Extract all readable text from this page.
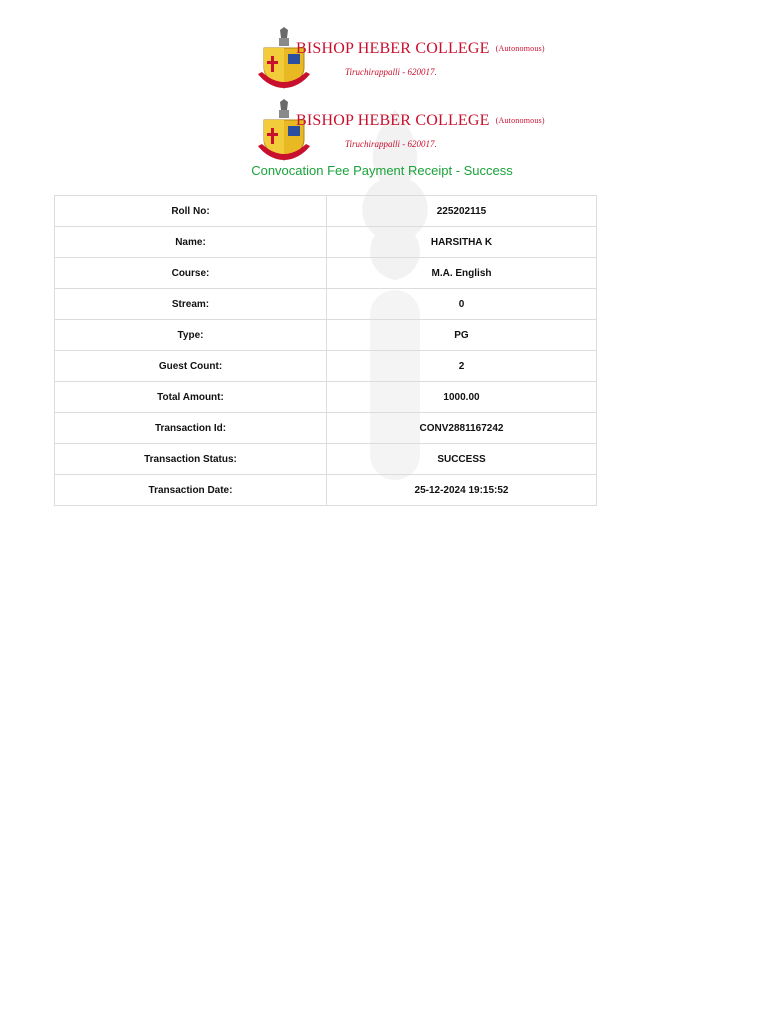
BISHOP HEBER COLLEGE (Autonomous)
Tiruchirappalli - 620017.
BISHOP HEBER COLLEGE (Autonomous)
Tiruchirappalli - 620017.
Convocation Fee Payment Receipt - Success
Roll No:	225202115
Name:	HARSITHA K
Course:	M.A. English
Stream:	0
Type:	PG
Guest Count:	2
Total Amount:	1000.00
Transaction Id:	CONV2881167242
Transaction Status:	SUCCESS
Transaction Date:	25-12-2024 19:15:52
